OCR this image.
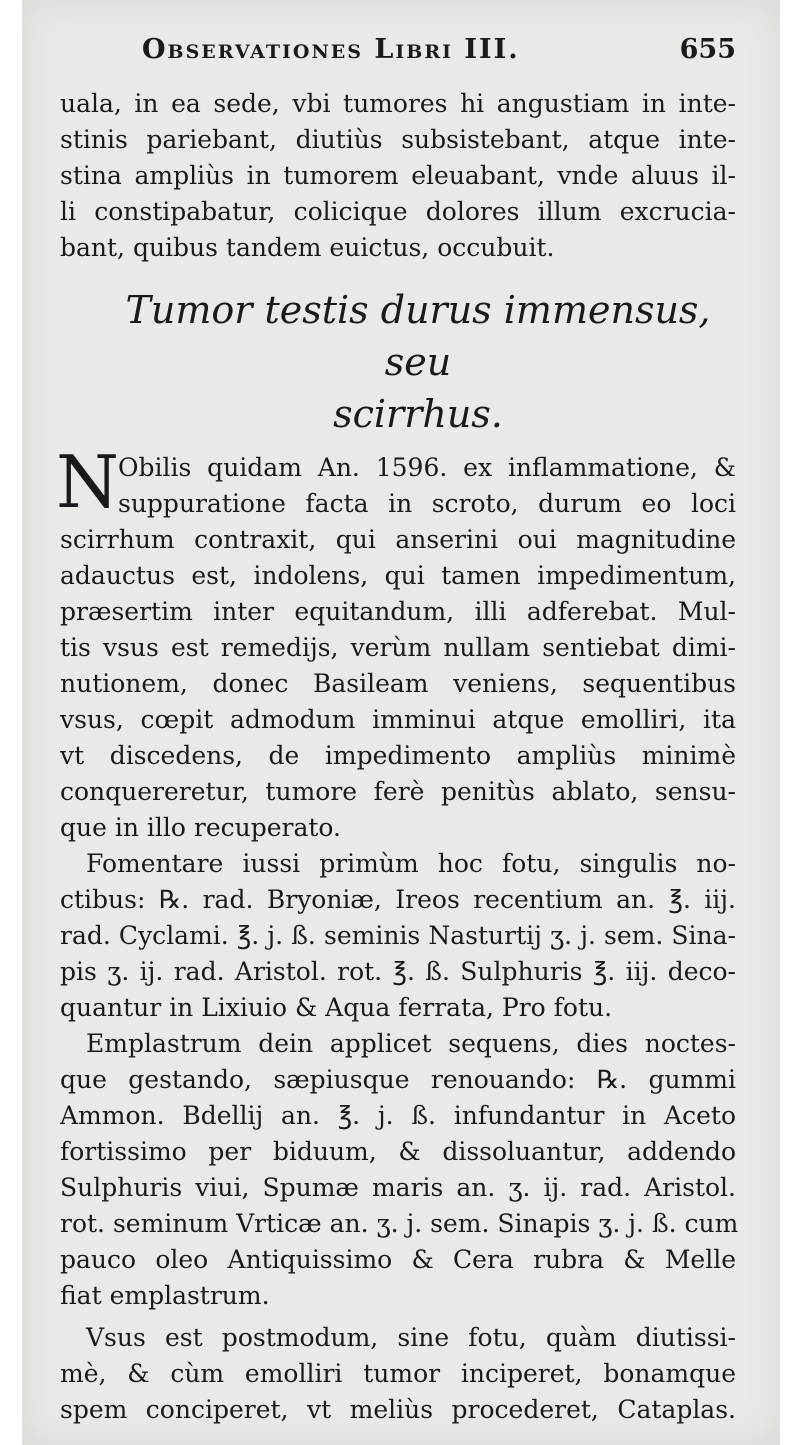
Observationes Libri III.	655

uala, in ea sede, vbi tumores hi angustiam in inte-

stinis pariebant, diutiùs subsistebant, atque inte-

stina ampliùs in tumorem eleuabant, vnde aluus il-

li constipabatur, colicique dolores illum excrucia-

bant, quibus tandem euictus, occubuit.

Tumor testis durus immensus, seu
scirrhus.
N Obilis quidam An. 1596. ex inflammatione, &

suppuratione facta in scroto, durum eo loci

scirrhum contraxit, qui anserini oui magnitudine

adauctus est, indolens, qui tamen impedimentum,

præsertim inter equitandum, illi adferebat. Mul-

tis vsus est remedijs, verùm nullam sentiebat dimi-

nutionem, donec Basileam veniens, sequentibus

vsus, cœpit admodum imminui atque emolliri, ita

vt discedens, de impedimento ampliùs minimè

conquereretur, tumore ferè penitùs ablato, sensu-

que in illo recuperato.

Fomentare iussi primùm hoc fotu, singulis no-

ctibus: ℞. rad. Bryoniæ, Ireos recentium an. ℥. iij.

rad. Cyclami. ℥. j. ß. seminis Nasturtij ʒ. j. sem. Sina-

pis ʒ. ij. rad. Aristol. rot. ℥. ß. Sulphuris ℥. iij. deco-

quantur in Lixiuio & Aqua ferrata, Pro fotu.

Emplastrum dein applicet sequens, dies noctes-

que gestando, sæpiusque renouando: ℞. gummi

Ammon. Bdellij an. ℥. j. ß. infundantur in Aceto

fortissimo per biduum, & dissoluantur, addendo

Sulphuris viui, Spumæ maris an. ʒ. ij. rad. Aristol.

rot. seminum Vrticæ an. ʒ. j. sem. Sinapis ʒ. j. ß. cum

pauco oleo Antiquissimo & Cera rubra & Melle

fiat emplastrum.

Vsus est postmodum, sine fotu, quàm diutissi-

mè, & cùm emolliri tumor inciperet, bonamque

spem conciperet, vt meliùs procederet, Cataplas.
